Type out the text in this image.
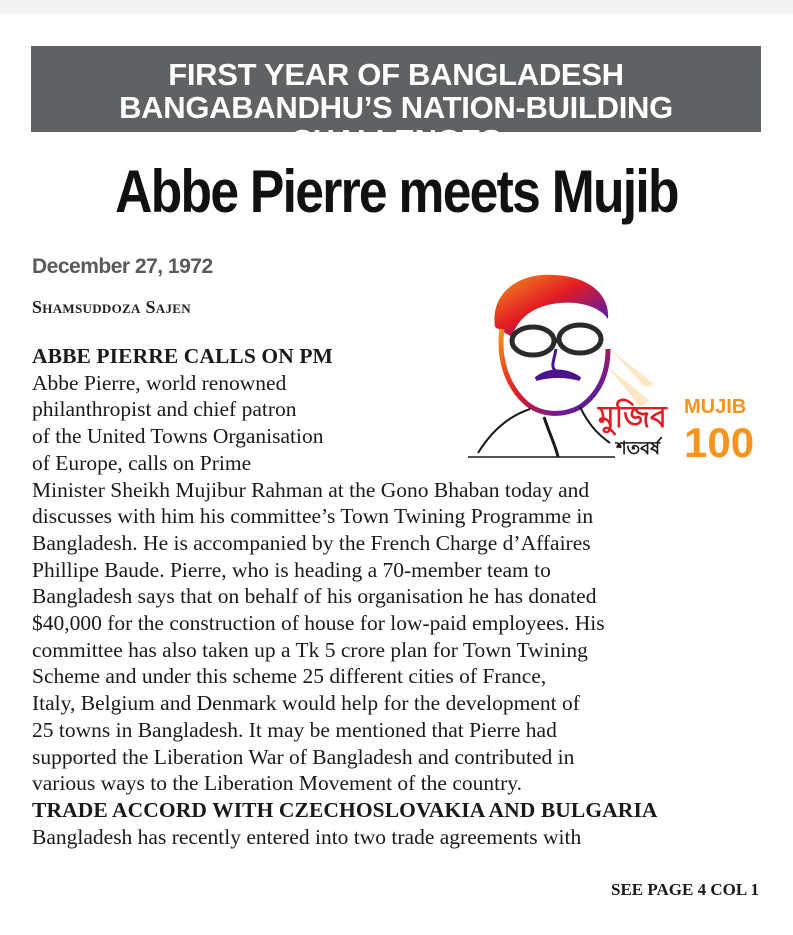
FIRST YEAR OF BANGLADESH
BANGABANDHU’S NATION-BUILDING CHALLENGES
Abbe Pierre meets Mujib
December 27, 1972
Shamsuddoza Sajen
মুজিব
শতবর্ষ
MUJIB
100

ABBE PIERRE CALLS ON PM

Abbe Pierre, world renowned
philanthropist and chief patron
of the United Towns Organisation
of Europe, calls on Prime
Minister Sheikh Mujibur Rahman at the Gono Bhaban today and
discusses with him his committee’s Town Twining Programme in
Bangladesh. He is accompanied by the French Charge d’Affaires
Phillipe Baude. Pierre, who is heading a 70-member team to
Bangladesh says that on behalf of his organisation he has donated
$40,000 for the construction of house for low-paid employees. His
committee has also taken up a Tk 5 crore plan for Town Twining
Scheme and under this scheme 25 different cities of France,
Italy, Belgium and Denmark would help for the development of
25 towns in Bangladesh. It may be mentioned that Pierre had
supported the Liberation War of Bangladesh and contributed in
various ways to the Liberation Movement of the country.

TRADE ACCORD WITH CZECHOSLOVAKIA AND BULGARIA

Bangladesh has recently entered into two trade agreements with

SEE PAGE 4 COL 1
